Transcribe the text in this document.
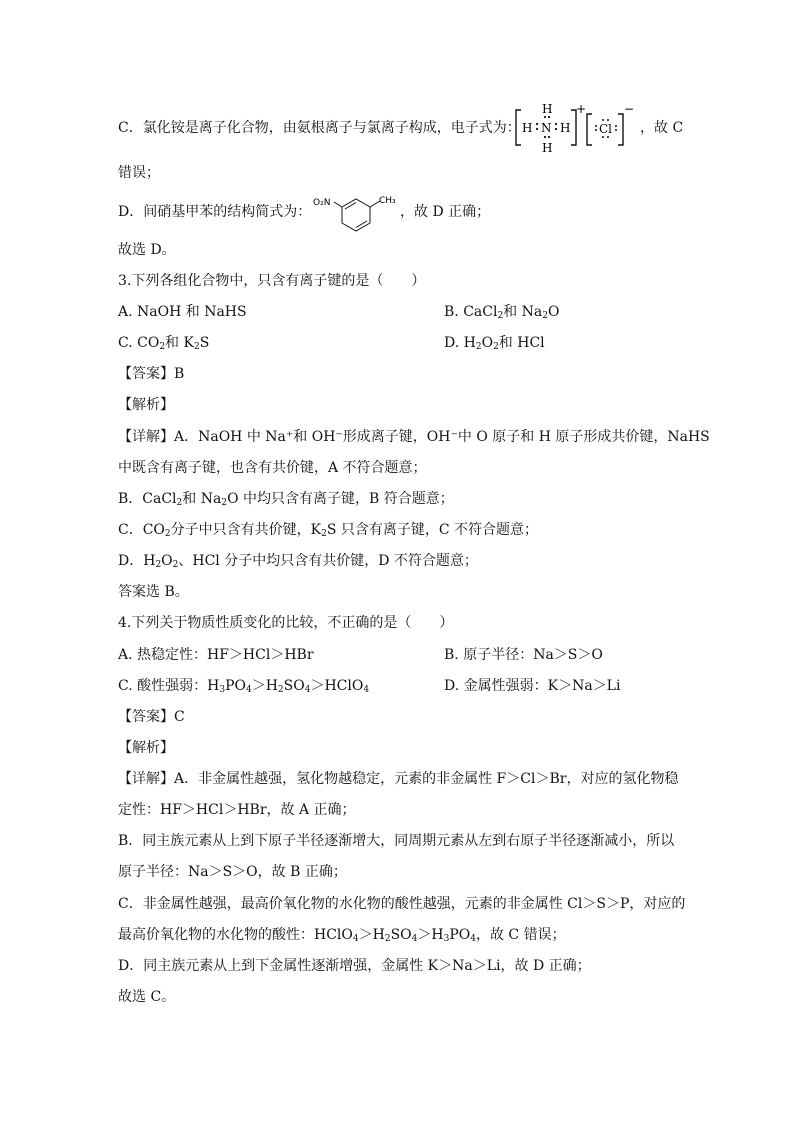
C．氯化铵是离子化合物，由氨根离子与氯离子构成，电子式为：
H
H N H
H
+
Cl
−
，故 C
错误；
D．间硝基甲苯的结构简式为：
O₂N	CH₃
，故 D 正确；
故选 D。
3.下列各组化合物中，只含有离子键的是（　　）
A. NaOH 和 NaHS	B. CaCl$_2$和 $Na_2O$
C. $CO_2$和 $K_2S$	D. $H_2O_2$和 HCl
【答案】B
【解析】
【详解】A．NaOH 中 Na⁺和 OH⁻形成离子键，OH⁻中 O 原子和 H 原子形成共价键，NaHS
中既含有离子键，也含有共价键，A 不符合题意；
B．CaCl$_2$和 $Na_2O$ 中均只含有离子键，B 符合题意；
C．$CO_2$分子中只含有共价键，$K_2S$ 只含有离子键，C 不符合题意；
D．$H_2O_2$、HCl 分子中均只含有共价键，D 不符合题意；
答案选 B。
4.下列关于物质性质变化的比较，不正确的是（　　）
A. 热稳定性：HF＞HCl＞HBr	B. 原子半径：Na＞S＞O
C. 酸性强弱：$H_3PO_4>H_2SO_4>HClO_4$	D. 金属性强弱：K＞Na＞Li
【答案】C
【解析】
【详解】A．非金属性越强，氢化物越稳定，元素的非金属性 F＞Cl＞Br，对应的氢化物稳
定性：HF＞HCl＞HBr，故 A 正确；
B．同主族元素从上到下原子半径逐渐增大，同周期元素从左到右原子半径逐渐减小，所以
原子半径：Na＞S＞O，故 B 正确；
C．非金属性越强，最高价氧化物的水化物的酸性越强，元素的非金属性 Cl＞S＞P，对应的
最高价氧化物的水化物的酸性：$HClO_4>H_2SO_4>H_3PO_4$，故 C 错误；
D．同主族元素从上到下金属性逐渐增强，金属性 K＞Na＞Li，故 D 正确；
故选 C。
